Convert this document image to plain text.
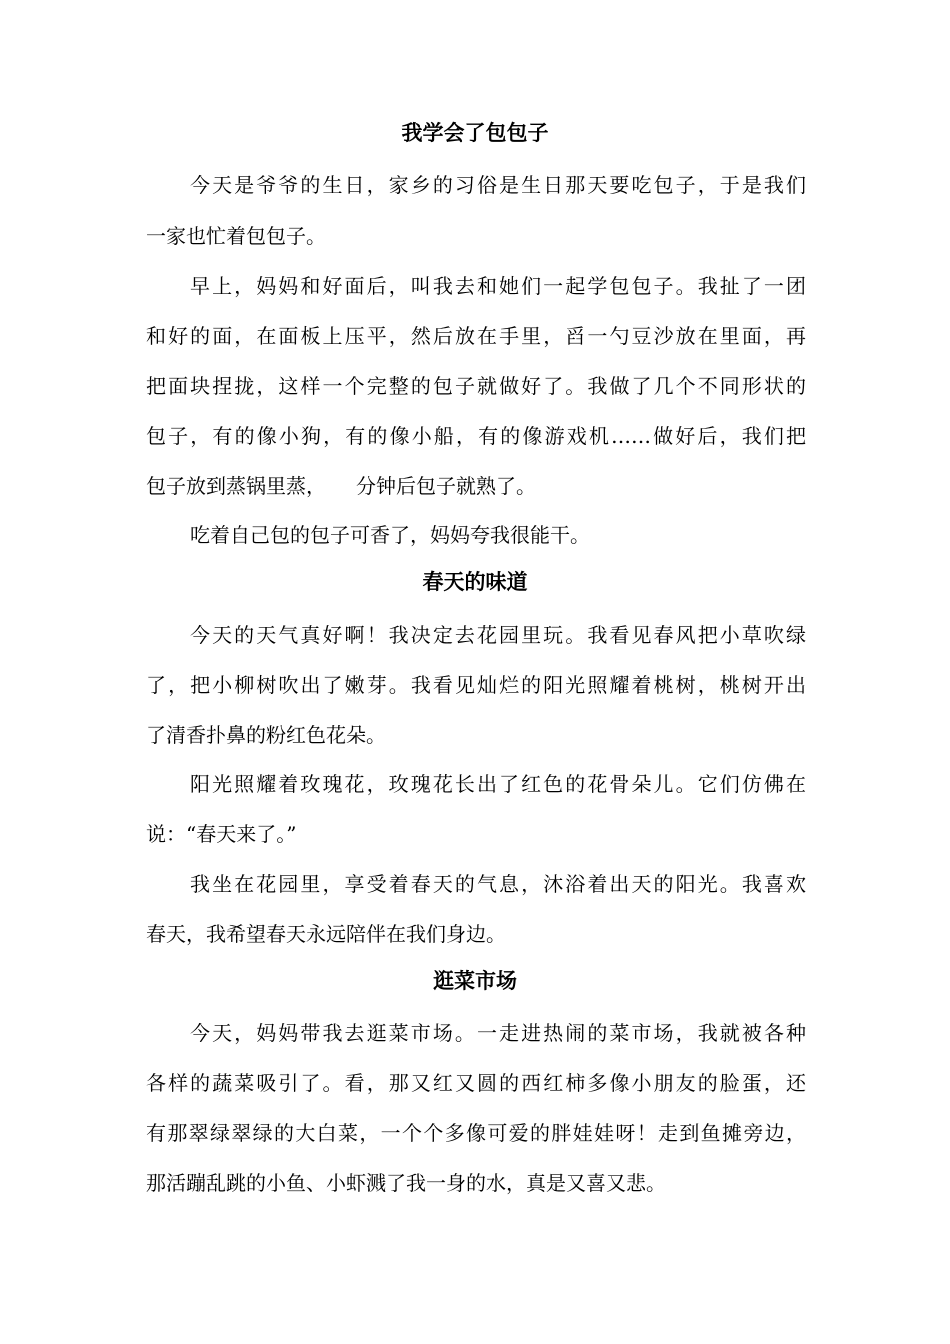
我学会了包包子
今天是爷爷的生日，家乡的习俗是生日那天要吃包子，于是我们
一家也忙着包包子。
早上，妈妈和好面后，叫我去和她们一起学包包子。我扯了一团
和好的面，在面板上压平，然后放在手里，舀一勺豆沙放在里面，再
把面块捏拢，这样一个完整的包子就做好了。我做了几个不同形状的
包子，有的像小狗，有的像小船，有的像游戏机……做好后，我们把
包子放到蒸锅里蒸，　　分钟后包子就熟了。
吃着自己包的包子可香了，妈妈夸我很能干。
春天的味道
今天的天气真好啊！我决定去花园里玩。我看见春风把小草吹绿
了，把小柳树吹出了嫩芽。我看见灿烂的阳光照耀着桃树，桃树开出
了清香扑鼻的粉红色花朵。
阳光照耀着玫瑰花，玫瑰花长出了红色的花骨朵儿。它们仿佛在
说：“春天来了。”
我坐在花园里，享受着春天的气息，沐浴着出天的阳光。我喜欢
春天，我希望春天永远陪伴在我们身边。
逛菜市场
今天，妈妈带我去逛菜市场。一走进热闹的菜市场，我就被各种
各样的蔬菜吸引了。看，那又红又圆的西红柿多像小朋友的脸蛋，还
有那翠绿翠绿的大白菜，一个个多像可爱的胖娃娃呀！走到鱼摊旁边，
那活蹦乱跳的小鱼、小虾溅了我一身的水，真是又喜又悲。
